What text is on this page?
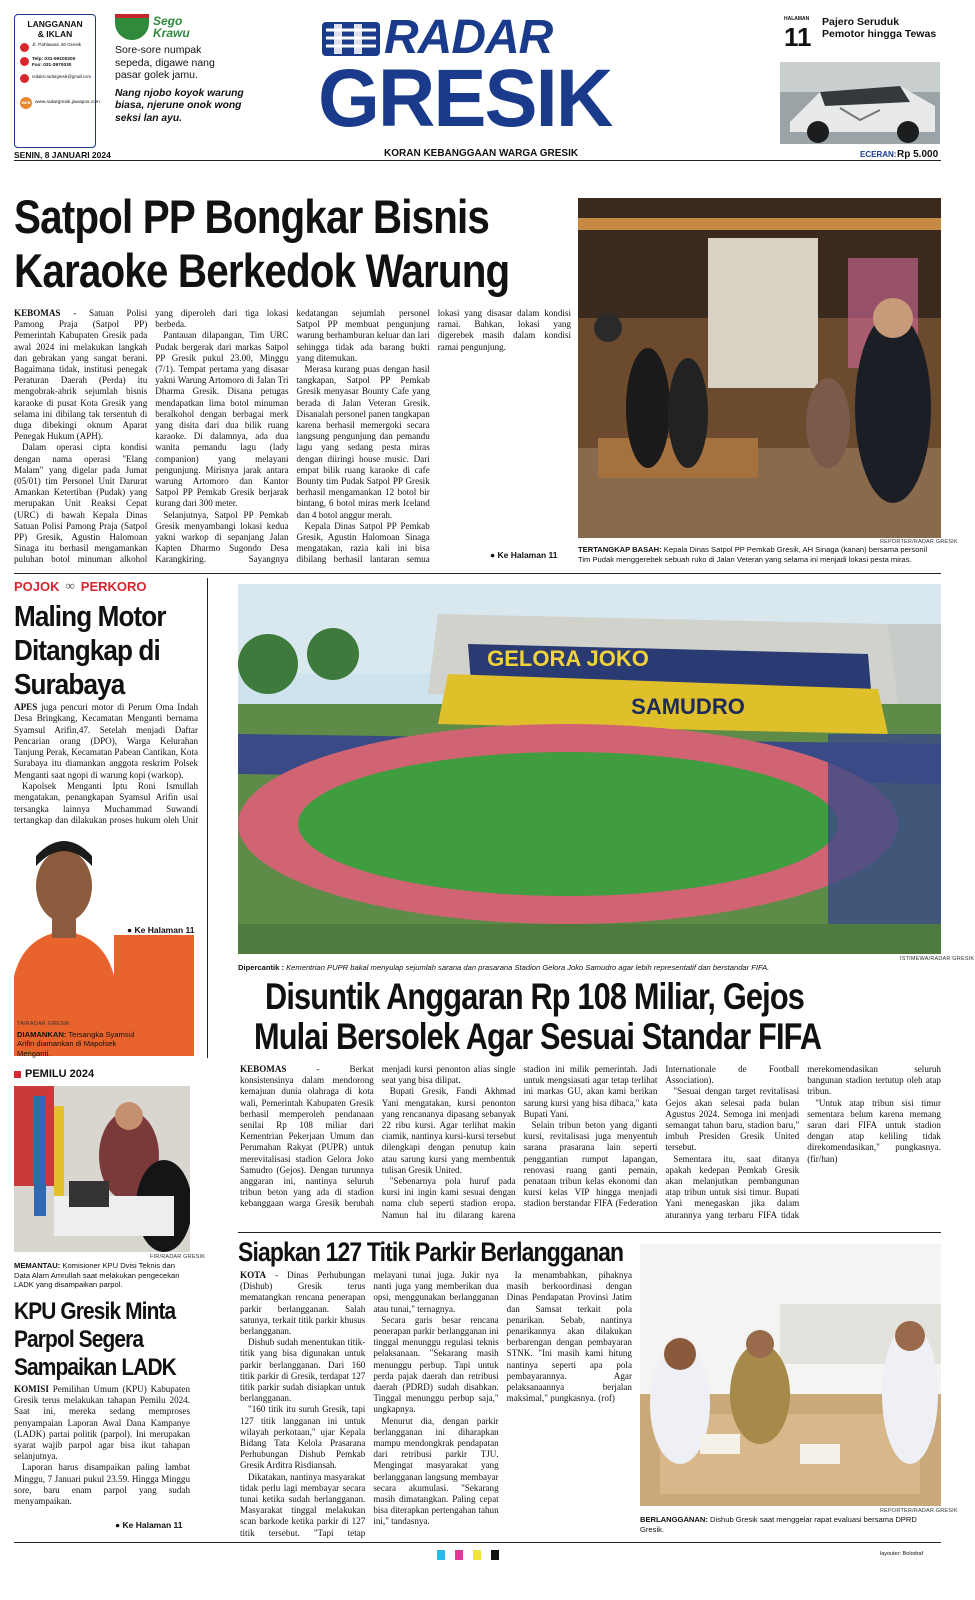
LANGGANAN
& IKLAN
Jl. Pahlawan 46 Gresik
Telp: 031-99100200
Fax: 031-3970030
redaksi.radargresik@gmail.com
WEB www.radargresik.jawapos.com
Sego
Krawu
Sore-sore numpak sepeda, digawe nang pasar golek jamu.
Nang njobo koyok warung biasa, njerune onok wong seksi lan ayu.
RADAR
GRESIK
KORAN KEBANGGAAN WARGA GRESIK
HALAMAN
11 Pajero Seruduk Pemotor hingga Tewas
SENIN, 8 JANUARI 2024	ECERAN: Rp 5.000
Satpol PP Bongkar Bisnis Karaoke Berkedok Warung

KEBOMAS - Satuan Polisi Pamong Praja (Satpol PP) Pemerintah Kabupaten Gresik pada awal 2024 ini melakukan langkah dan gebrakan yang sangat berani. Bagaimana tidak, institusi penegak Peraturan Daerah (Perda) itu mengobrak-abrik sejumlah bisnis karaoke di pusat Kota Gresik yang selama ini dibilang tak tersentuh di duga dibekingi oknum Aparat Penegak Hukum (APH).

Dalam operasi cipta kondisi dengan nama operasi "Elang Malam" yang digelar pada Jumat (05/01) tim Personel Unit Darurat Amankan Ketertiban (Pudak) yang merupakan Unit Reaksi Cepat (URC) di bawah Kepala Dinas Satuan Polisi Pamong Praja (Satpol PP) Gresik, Agustin Halomoan Sinaga itu berhasil mengamankan puluhan botol minuman alkohol yang diperoleh dari tiga lokasi berbeda.

Pantauan dilapangan, Tim URC Pudak bergerak dari markas Satpol PP Gresik pukul 23.00, Minggu (7/1). Tempat pertama yang disasar yakni Warung Artomoro di Jalan Tri Dharma Gresik. Disana petugas mendapatkan lima botol minuman beralkohol dengan berbagai merk yang disita dari dua bilik ruang karaoke. Di dalamnya, ada dua wanita pemandu lagu (lady companion) yang melayani pengunjung. Mirisnya jarak antara warung Artomoro dan Kantor Satpol PP Pemkab Gresik berjarak kurang dari 300 meter.

Selanjutnya, Satpol PP Pemkab Gresik menyambangi lokasi kedua yakni warkop di sepanjang Jalan Kapten Dharmo Sugondo Desa Karangkiring. Sayangnya kedatangan sejumlah personel Satpol PP membuat pengunjung warung berhamburan keluar dan lari sehingga tidak ada barang bukti yang ditemukan.

Merasa kurang puas dengan hasil tangkapan, Satpol PP Pemkab Gresik menyasar Bounty Cafe yang berada di Jalan Veteran Gresik. Disanalah personel panen tangkapan karena berhasil memergoki secara langsung pengunjung dan pemandu lagu yang sedang pesta miras dengan diiringi house music. Dari empat bilik ruang karaoke di cafe Bounty tim Pudak Satpol PP Gresik berhasil mengamankan 12 botol bir bintang, 6 botol miras merk Iceland dan 4 botol anggur merah.

Kepala Dinas Satpol PP Pemkab Gresik, Agustin Halomoan Sinaga mengatakan, razia kali ini bisa dibilang berhasil lantaran semua lokasi yang disasar dalam kondisi ramai. Bahkan, lokasi yang digerebek masih dalam kondisi ramai pengunjung.

● Ke Halaman 11
REPORTER/RADAR GRESIK
TERTANGKAP BASAH: Kepala Dinas Satpol PP Pemkab Gresik, AH Sinaga (kanan) bersama personil Tim Pudak menggerebek sebuah ruko di Jalan Veteran yang selama ini menjadi lokasi pesta miras.
POJOK ∞ PERKORO
Maling Motor Ditangkap di Surabaya

APES juga pencuri motor di Perum Oma Indah Desa Bringkang, Kecamatan Menganti bernama Syamsul Arifin,47. Setelah menjadi Daftar Pencarian orang (DPO), Warga Kelurahan Tanjung Perak, Kecamatan Pabean Cantikan, Kota Surabaya itu diamankan anggota reskrim Polsek Menganti saat ngopi di warung kopi (warkop).

Kapolsek Menganti Iptu Roni Ismullah mengatakan, penangkapan Syamsul Arifin usai tersangka lainnya Muchammad Suwandi tertangkap dan dilakukan proses hukum oleh Unit

● Ke Halaman 11
TA/RADAR GRESIK
DIAMANKAN: Tersangka Syamsul Arifin diamankan di Mapolsek Menganti.
GELORA JOKO
SAMUDRO
ISTIMEWA/RADAR GRESIK
Dipercantik : Kementrian PUPR bakal menyulap sejumlah sarana dan prasarana Stadion Gelora Joko Samudro agar lebih representatif dan berstandar FIFA.
Disuntik Anggaran Rp 108 Miliar, Gejos
Mulai Bersolek Agar Sesuai Standar FIFA

KEBOMAS - Berkat konsistensinya dalam mendorong kemajuan dunia olahraga di kota wali, Pemerintah Kabupaten Gresik berhasil memperoleh pendanaan senilai Rp 108 miliar dari Kementrian Pekerjaan Umum dan Perumahan Rakyat (PUPR) untuk merevitalisasi stadion Gelora Joko Samudro (Gejos). Dengan turunnya anggaran ini, nantinya seluruh tribun beton yang ada di stadion kebanggaan warga Gresik berubah menjadi kursi penonton alias single seat yang bisa dilipat.

Bupati Gresik, Fandi Akhmad Yani mengatakan, kursi penonton yang rencananya dipasang sebanyak 22 ribu kursi. Agar terlihat makin ciamik, nantinya kursi-kursi tersebut dilengkapi dengan penutup kain atau sarung kursi yang membentuk tulisan Gresik United.

"Sebenarnya pola huruf pada kursi ini ingin kami sesuai dengan nama club seperti stadion eropa. Namun hal itu dilarang karena stadion ini milik pemerintah. Jadi untuk mengsiasati agar tetap terlihat ini markas GU, akan kami berikan sarung kursi yang bisa dibaca," kata Bupati Yani.

Selain tribun beton yang diganti kursi, revitalisasi juga menyentuh sarana prasarana lain seperti penggantian rumput lapangan, renovasi ruang ganti pemain, penataan tribun kelas ekonomi dan kursi kelas VIP hingga menjadi stadion berstandar FIFA (Federation Internationale de Football Association).

"Sesuai dengan target revitalisasi Gejos akan selesai pada bulan Agustus 2024. Semoga ini menjadi semangat tahun baru, stadion baru," imbuh Presiden Gresik United tersebut.

Sementara itu, saat ditanya apakah kedepan Pemkab Gresik akan melanjutkan pembangunan atap tribun untuk sisi timur. Bupati Yani menegaskan jika dalam aturannya yang terbaru FIFA tidak merekomendasikan seluruh bangunan stadion tertutup oleh atap tribun.

"Untuk atap tribun sisi timur sementara belum karena memang saran dari FIFA untuk stadion dengan atap keliling tidak direkomendasikan," pungkasnya. (fir/han)

PEMILU 2024
FIR/RADAR GRESIK
MEMANTAU: Komisioner KPU Dvisi Teknis dan Data Alam Amrullah saat melakukan pengecekan LADK yang disampaikan parpol.
KPU Gresik Minta Parpol Segera Sampaikan LADK

KOMISI Pemilihan Umum (KPU) Kabupaten Gresik terus melakukan tahapan Pemilu 2024. Saat ini, mereka sedang memproses penyampaian Laporan Awal Dana Kampanye (LADK) partai politik (parpol). Ini merupakan syarat wajib parpol agar bisa ikut tahapan selanjutnya.

Laporan harus disampaikan paling lambat Minggu, 7 Januari pukul 23.59. Hingga Minggu sore, baru enam parpol yang sudah menyampaikan.

● Ke Halaman 11
Siapkan 127 Titik Parkir Berlangganan

KOTA - Dinas Perhubungan (Dishub) Gresik terus mematangkan rencana penerapan parkir berlangganan. Salah satunya, terkait titik parkir khusus berlangganan.

Dishub sudah menentukan titik-titik yang bisa digunakan untuk parkir berlangganan. Dari 160 titik parkir di Gresik, terdapat 127 titik parkir sudah disiapkan untuk berlangganan.

"160 titik itu suruh Gresik, tapi 127 titik langganan ini untuk wilayah perkotaan," ujar Kepala Bidang Tata Kelola Prasarana Perhubungan Dishub Pemkab Gresik Arditra Risdiansah.

Dikatakan, nantinya masyarakat tidak perlu lagi membayar secara tunai ketika sudah berlangganan. Masyarakat tinggal melakukan scan barkode ketika parkir di 127 titik tersebut. "Tapi tetap melayani tunai juga. Jukir nya nanti juga yang memberikan dua opsi, menggunakan berlangganan atau tunai," ternagnya.

Secara garis besar rencana penerapan parkir berlangganan ini tinggal menunggu regulasi teknis pelaksanaan. "Sekarang masih menunggu perbup. Tapi untuk perda pajak daerah dan retribusi daerah (PDRD) sudah disahkan. Tinggal menunggu perbup saja," ungkapnya.

Menurut dia, dengan parkir berlangganan ini diharapkan mampu mendongkrak pendapatan dari retribusi parkir TJU. Mengingat masyarakat yang berlangganan langsung membayar secara akumulasi. "Sekarang masih dimatangkan. Paling cepat bisa diterapkan pertengahan tahun ini," tandasnya.

Ia menambahkan, pihaknya masih berkoordinasi dengan Dinas Pendapatan Provinsi Jatim dan Samsat terkait pola penarikan. Sebab, nantinya penarikannya akan dilakukan berbarengan dengan pembayaran STNK. "Ini masih kami hitung nantinya seperti apa pola pembayarannya. Agar pelaksanaannya berjalan maksimal," pungkasnya. (rof)

REPORTER/RADAR GRESIK
BERLANGGANAN: Dishub Gresik saat menggelar rapat evaluasi bersama DPRD Gresik.
layouter: Bolodraf
